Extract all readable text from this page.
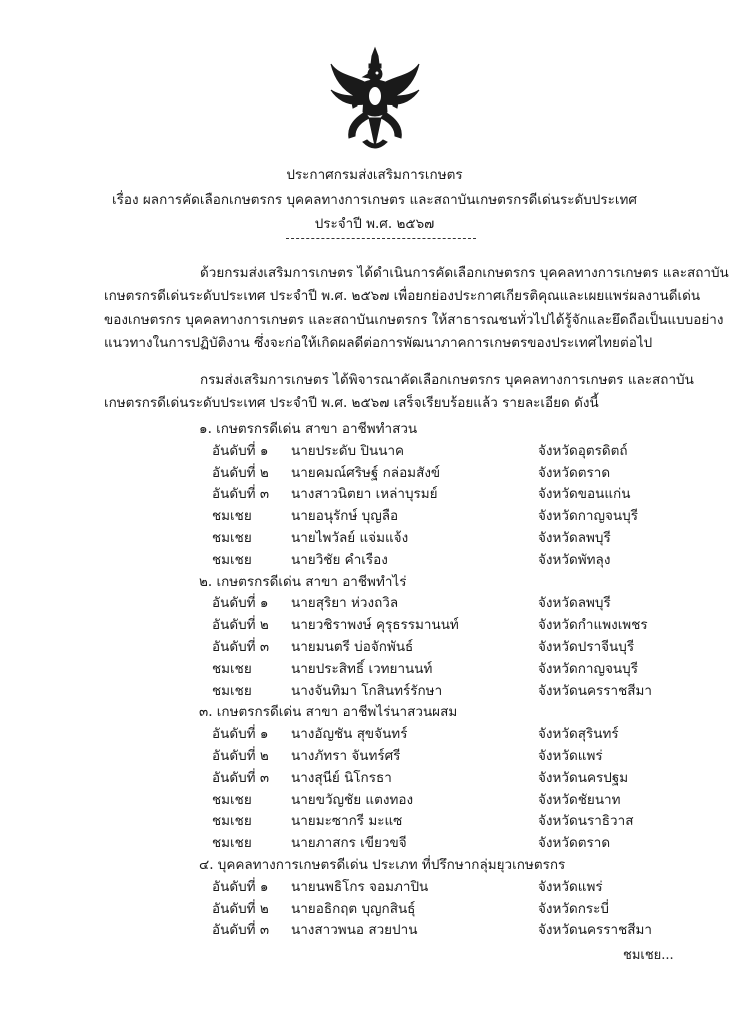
ประกาศกรมส่งเสริมการเกษตร
เรื่อง ผลการคัดเลือกเกษตรกร บุคคลทางการเกษตร และสถาบันเกษตรกรดีเด่นระดับประเทศ
ประจำปี พ.ศ. ๒๕๖๗
ด้วยกรมส่งเสริมการเกษตร ได้ดำเนินการคัดเลือกเกษตรกร บุคคลทางการเกษตร และสถาบัน
เกษตรกรดีเด่นระดับประเทศ ประจำปี พ.ศ. ๒๕๖๗ เพื่อยกย่องประกาศเกียรติคุณและเผยแพร่ผลงานดีเด่น
ของเกษตรกร บุคคลทางการเกษตร และสถาบันเกษตรกร ให้สาธารณชนทั่วไปได้รู้จักและยึดถือเป็นแบบอย่าง
แนวทางในการปฏิบัติงาน ซึ่งจะก่อให้เกิดผลดีต่อการพัฒนาภาคการเกษตรของประเทศไทยต่อไป
กรมส่งเสริมการเกษตร ได้พิจารณาคัดเลือกเกษตรกร บุคคลทางการเกษตร และสถาบัน
เกษตรกรดีเด่นระดับประเทศ ประจำปี พ.ศ. ๒๕๖๗ เสร็จเรียบร้อยแล้ว รายละเอียด ดังนี้
๑. เกษตรกรดีเด่น สาขา อาชีพทำสวน
อันดับที่ ๑ นายประดับ ปินนาค	จังหวัดอุตรดิตถ์
อันดับที่ ๒ นายคมณ์ศริษฐ์ กล่อมสังข์	จังหวัดตราด
อันดับที่ ๓ นางสาวนิตยา เหล่าบุรมย์	จังหวัดขอนแก่น
ชมเชย	นายอนุรักษ์ บุญลือ	จังหวัดกาญจนบุรี
ชมเชย	นายไพวัลย์ แจ่มแจ้ง	จังหวัดลพบุรี
ชมเชย	นายวิชัย คำเรือง	จังหวัดพัทลุง
๒. เกษตรกรดีเด่น สาขา อาชีพทำไร่
อันดับที่ ๑ นายสุริยา ห่วงถวิล	จังหวัดลพบุรี
อันดับที่ ๒ นายวชิราพงษ์ คุรุธรรมานนท์	จังหวัดกำแพงเพชร
อันดับที่ ๓ นายมนตรี บ่อจักพันธ์	จังหวัดปราจีนบุรี
ชมเชย	นายประสิทธิ์ เวทยานนท์	จังหวัดกาญจนบุรี
ชมเชย	นางจันทิมา โกสินทร์รักษา	จังหวัดนครราชสีมา
๓. เกษตรกรดีเด่น สาขา อาชีพไร่นาสวนผสม
อันดับที่ ๑ นางอัญชัน สุขจันทร์	จังหวัดสุรินทร์
อันดับที่ ๒ นางภัทรา จันทร์ศรี	จังหวัดแพร่
อันดับที่ ๓ นางสุนีย์ นิโกรธา	จังหวัดนครปฐม
ชมเชย	นายขวัญชัย แตงทอง	จังหวัดชัยนาท
ชมเชย	นายมะซากรี มะแซ	จังหวัดนราธิวาส
ชมเชย	นายภาสกร เขียวขจี	จังหวัดตราด
๔. บุคคลทางการเกษตรดีเด่น ประเภท ที่ปรึกษากลุ่มยุวเกษตรกร
อันดับที่ ๑ นายนพธิโกร จอมภาปิน	จังหวัดแพร่
อันดับที่ ๒ นายอธิกฤต บุญกสินธุ์	จังหวัดกระบี่
อันดับที่ ๓ นางสาวพนอ สวยปาน	จังหวัดนครราชสีมา
ชมเชย...
